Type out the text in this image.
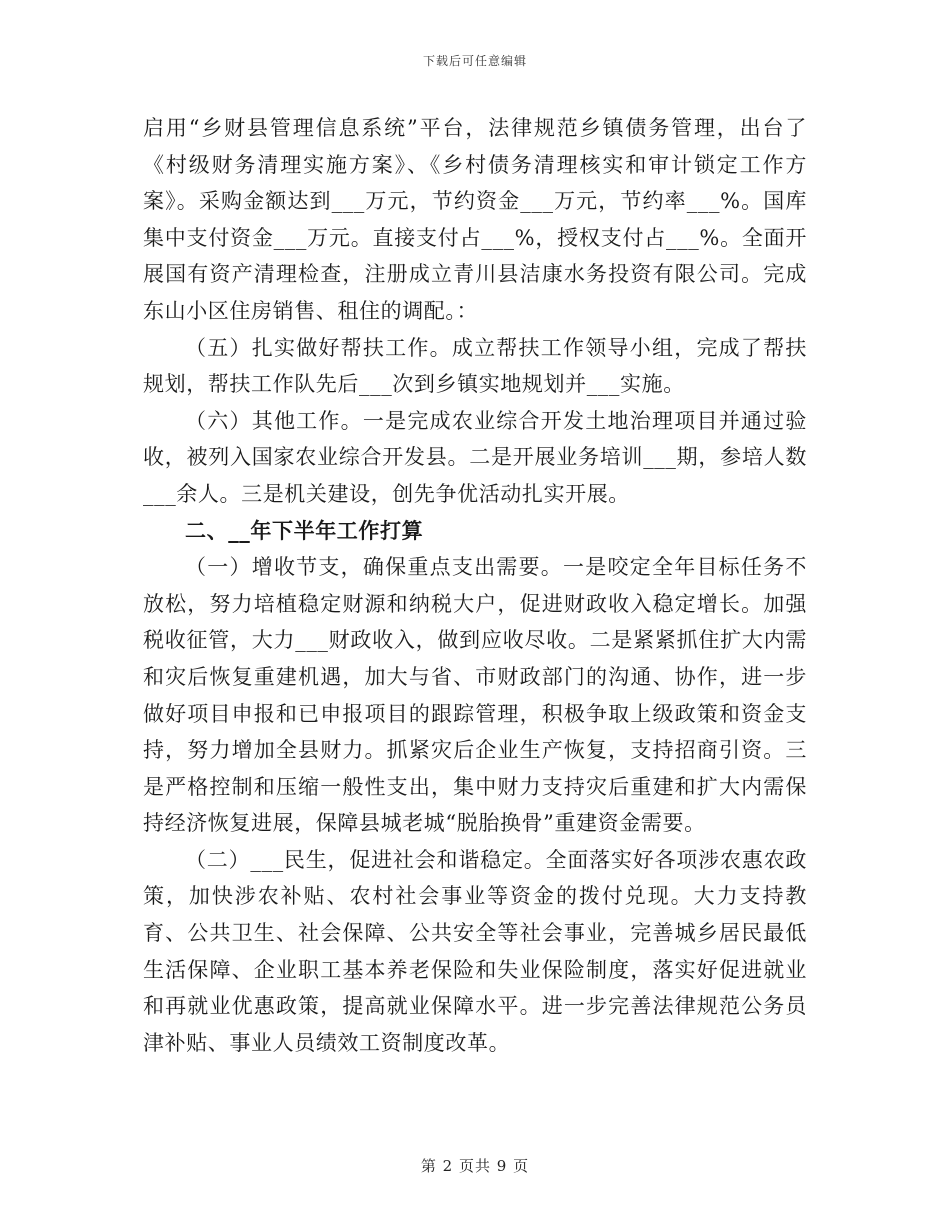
下载后可任意编辑

启用“乡财县管理信息系统”平台，法律规范乡镇债务管理，出台了《村级财务清理实施方案》、《乡村债务清理核实和审计锁定工作方案》。采购金额达到___万元，节约资金___万元，节约率___%。国库集中支付资金___万元。直接支付占___%，授权支付占___%。全面开展国有资产清理检查，注册成立青川县洁康水务投资有限公司。完成东山小区住房销售、租住的调配。：

（五）扎实做好帮扶工作。成立帮扶工作领导小组，完成了帮扶规划，帮扶工作队先后___次到乡镇实地规划并___实施。

（六）其他工作。一是完成农业综合开发土地治理项目并通过验收，被列入国家农业综合开发县。二是开展业务培训___期，参培人数___余人。三是机关建设，创先争优活动扎实开展。

二、__年下半年工作打算

（一）增收节支，确保重点支出需要。一是咬定全年目标任务不放松，努力培植稳定财源和纳税大户，促进财政收入稳定增长。加强税收征管，大力___财政收入，做到应收尽收。二是紧紧抓住扩大内需和灾后恢复重建机遇，加大与省、市财政部门的沟通、协作，进一步做好项目申报和已申报项目的跟踪管理，积极争取上级政策和资金支持，努力增加全县财力。抓紧灾后企业生产恢复，支持招商引资。三是严格控制和压缩一般性支出，集中财力支持灾后重建和扩大内需保持经济恢复进展，保障县城老城“脱胎换骨”重建资金需要。

（二）___民生，促进社会和谐稳定。全面落实好各项涉农惠农政策，加快涉农补贴、农村社会事业等资金的拨付兑现。大力支持教育、公共卫生、社会保障、公共安全等社会事业，完善城乡居民最低生活保障、企业职工基本养老保险和失业保险制度，落实好促进就业和再就业优惠政策，提高就业保障水平。进一步完善法律规范公务员津补贴、事业人员绩效工资制度改革。

第 2 页共 9 页
